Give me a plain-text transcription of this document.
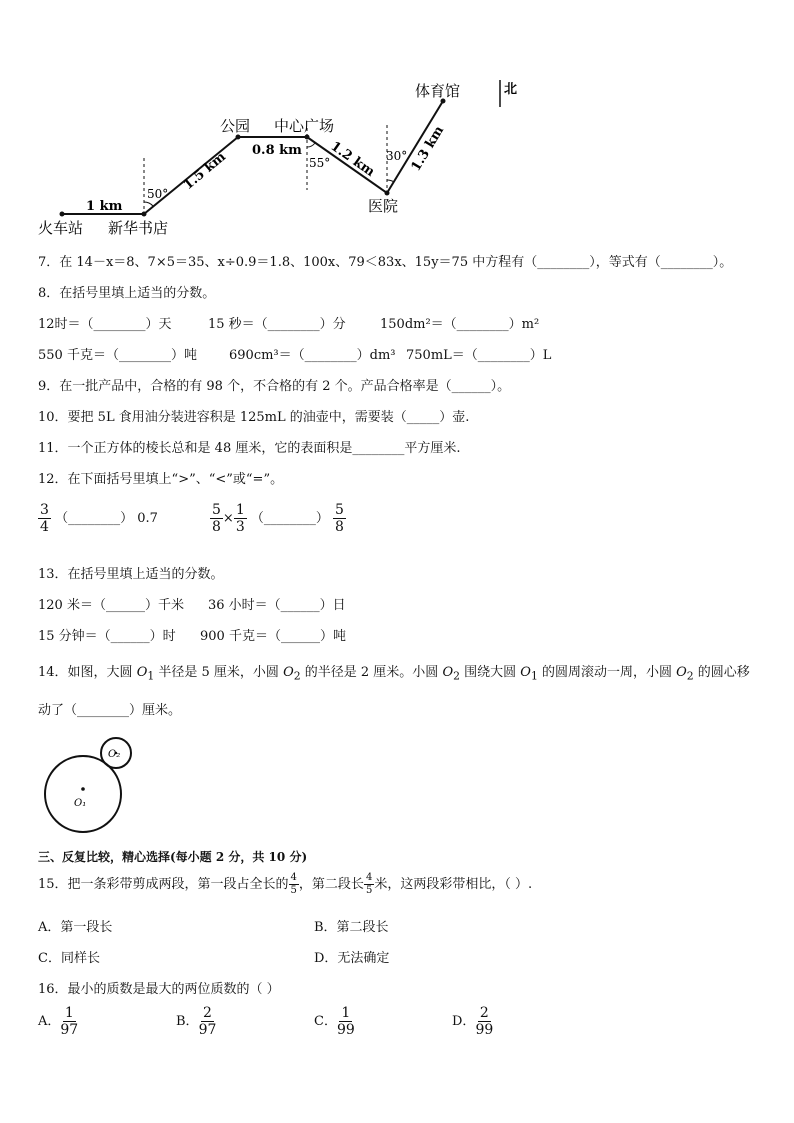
北
火车站 新华书店
公园 中心广场
医院
体育馆
1 km
1.5 km 0.8 km 1.2 km 1.3 km
50°
55°	30°
7．在 14－x＝8、7×5＝35、x÷0.9＝1.8、100x、79＜83x、15y＝75 中方程有（________），等式有（________）。
8．在括号里填上适当的分数。
12时＝（________）天	15 秒＝（________）分	150dm²＝（________）m²
550 千克＝（________）吨 690cm³＝（________）dm³ 750mL＝（________）L
9．在一批产品中，合格的有 98 个，不合格的有 2 个。产品合格率是（______）。
10．要把 5L 食用油分装进容积是 125mL 的油壶中，需要装（_____）壶.
11．一个正方体的棱长总和是 48 厘米，它的表面积是________平方厘米.
12．在下面括号里填上“>”、“<”或“=”。
$\frac{3}{4}$ （________） 0.7	$\frac{5}{8} \times \frac{1}{3}$ （________） $\frac{5}{8}$
13．在括号里填上适当的分数。
120 米＝（______）千米 36 小时＝（______）日
15 分钟＝（______）时 900 千克＝（______）吨
14．如图，大圆 $O_1$ 半径是 5 厘米，小圆 $O_2$ 的半径是 2 厘米。小圆 $O_2$ 围绕大圆 $O_1$ 的圆周滚动一周，小圆 $O_2$ 的圆心移
动了（________）厘米。
O₁
O₂
三、反复比较，精心选择(每小题 2 分，共 10 分)
15．把一条彩带剪成两段，第一段占全长的 $\frac{4}{5}$ ，第二段长 $\frac{4}{5}$ 米，这两段彩带相比，（ ）.
A．第一段长	B．第二段长
C．同样长	D．无法确定
16．最小的质数是最大的两位质数的（ ）
A． $\frac{1}{97}$	B． $\frac{2}{97}$	C． $\frac{1}{99}$	D． $\frac{2}{99}$
